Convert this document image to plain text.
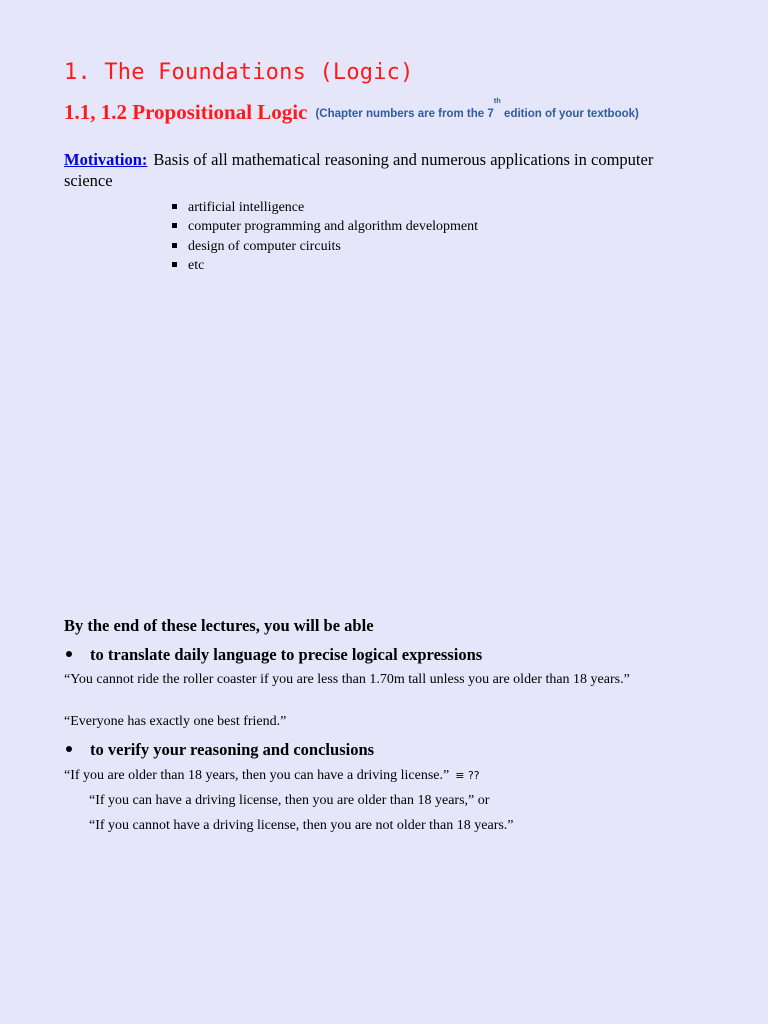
1. The Foundations (Logic)
1.1, 1.2 Propositional Logic (Chapter numbers are from the 7th edition of your textbook)

Motivation: Basis of all mathematical reasoning and numerous applications in computer science

artificial intelligence
computer programming and algorithm development
design of computer circuits
etc

By the end of these lectures, you will be able

to translate daily language to precise logical expressions

“You cannot ride the roller coaster if you are less than 1.70m tall unless you are older than 18 years.”

“Everyone has exactly one best friend.”

to verify your reasoning and conclusions

“If you are older than 18 years, then you can have a driving license.” ≡ ??

“If you can have a driving license, then you are older than 18 years,” or

“If you cannot have a driving license, then you are not older than 18 years.”
